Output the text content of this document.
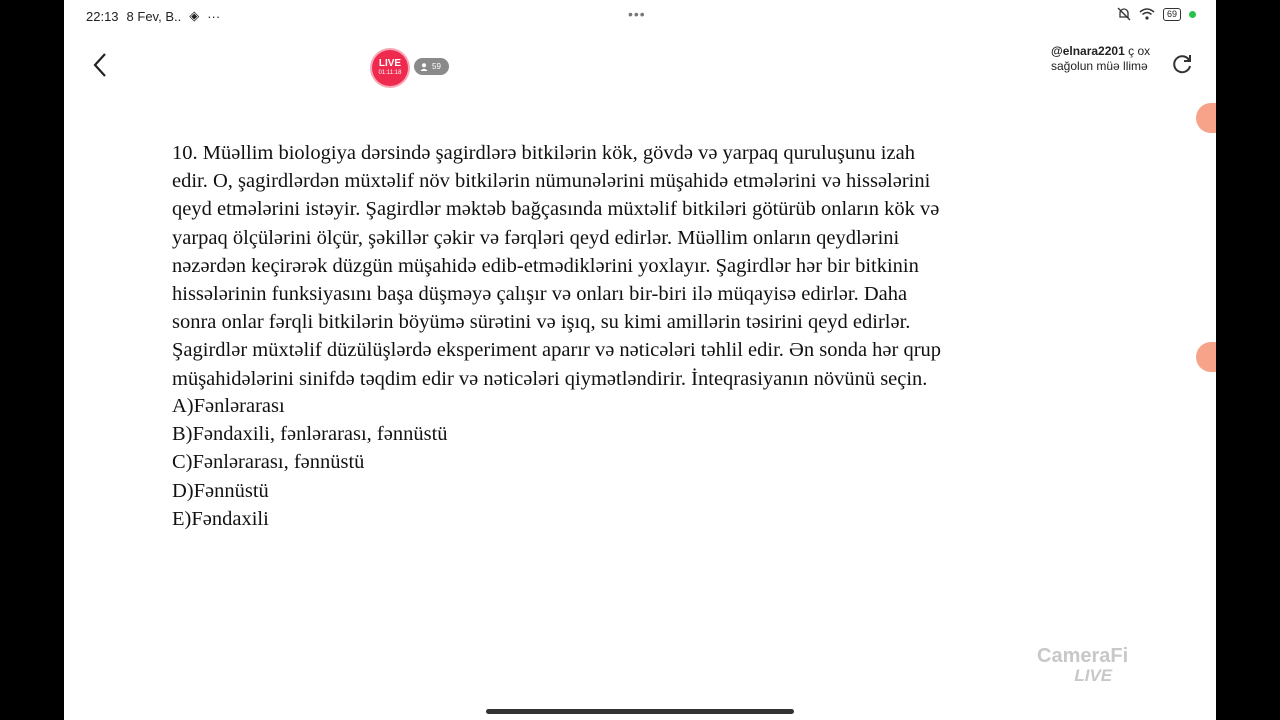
22:13 8 Fev, B.. ◈ ···	•••	69
LIVE
01:11:18
59
@elnara2201 ç ox sağolun müə llimə

10. Müəllim biologiya dərsində şagirdlərə bitkilərin kök, gövdə və yarpaq quruluşunu izah

edir. O, şagirdlərdən müxtəlif növ bitkilərin nümunələrini müşahidə etmələrini və hissələrini

qeyd etmələrini istəyir. Şagirdlər məktəb bağçasında müxtəlif bitkiləri götürüb onların kök və

yarpaq ölçülərini ölçür, şəkillər çəkir və fərqləri qeyd edirlər. Müəllim onların qeydlərini

nəzərdən keçirərək düzgün müşahidə edib-etmədiklərini yoxlayır. Şagirdlər hər bir bitkinin

hissələrinin funksiyasını başa düşməyə çalışır və onları bir-biri ilə müqayisə edirlər. Daha

sonra onlar fərqli bitkilərin böyümə sürətini və işıq, su kimi amillərin təsirini qeyd edirlər.

Şagirdlər müxtəlif düzülüşlərdə eksperiment aparır və nəticələri təhlil edir. Ən sonda hər qrup

müşahidələrini sinifdə təqdim edir və nəticələri qiymətləndirir. İnteqrasiyanın növünü seçin.

A)Fənlərarası
B)Fəndaxili, fənlərarası, fənnüstü
C)Fənlərarası, fənnüstü
D)Fənnüstü
E)Fəndaxili
CameraFi
LIVE
